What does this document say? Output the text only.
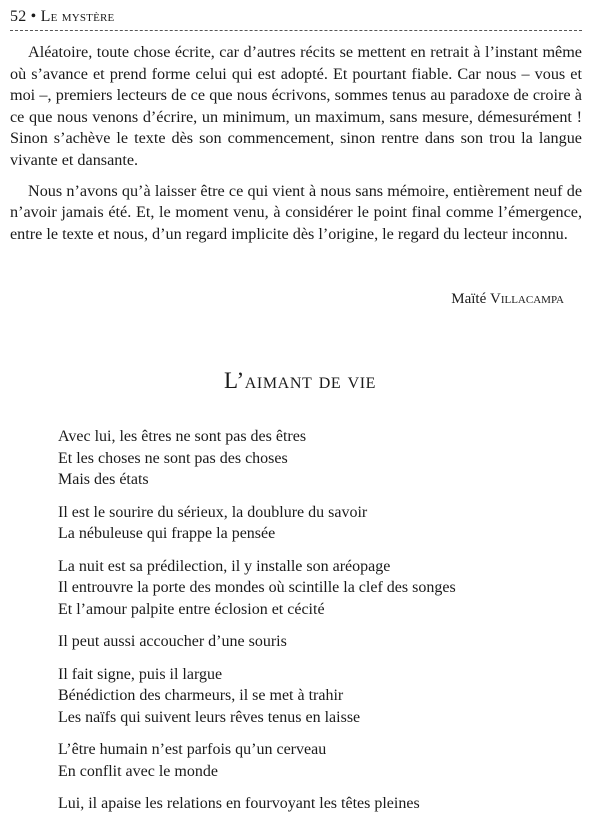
52 • Le mystère

Aléatoire, toute chose écrite, car d’autres récits se mettent en retrait à l’instant même où s’avance et prend forme celui qui est adopté. Et pourtant fiable. Car nous – vous et moi –, premiers lecteurs de ce que nous écrivons, sommes tenus au paradoxe de croire à ce que nous venons d’écrire, un minimum, un maximum, sans mesure, démesurément ! Sinon s’achève le texte dès son commencement, sinon rentre dans son trou la langue vivante et dansante.

Nous n’avons qu’à laisser être ce qui vient à nous sans mémoire, entièrement neuf de n’avoir jamais été. Et, le moment venu, à considérer le point final comme l’émergence, entre le texte et nous, d’un regard implicite dès l’origine, le regard du lecteur inconnu.

Maïté Villacampa
L’aimant de vie
Avec lui, les êtres ne sont pas des êtres
Et les choses ne sont pas des choses
Mais des états
Il est le sourire du sérieux, la doublure du savoir
La nébuleuse qui frappe la pensée
La nuit est sa prédilection, il y installe son aréopage
Il entrouvre la porte des mondes où scintille la clef des songes
Et l’amour palpite entre éclosion et cécité
Il peut aussi accoucher d’une souris
Il fait signe, puis il largue
Bénédiction des charmeurs, il se met à trahir
Les naïfs qui suivent leurs rêves tenus en laisse
L’être humain n’est parfois qu’un cerveau
En conflit avec le monde
Lui, il apaise les relations en fourvoyant les têtes pleines
